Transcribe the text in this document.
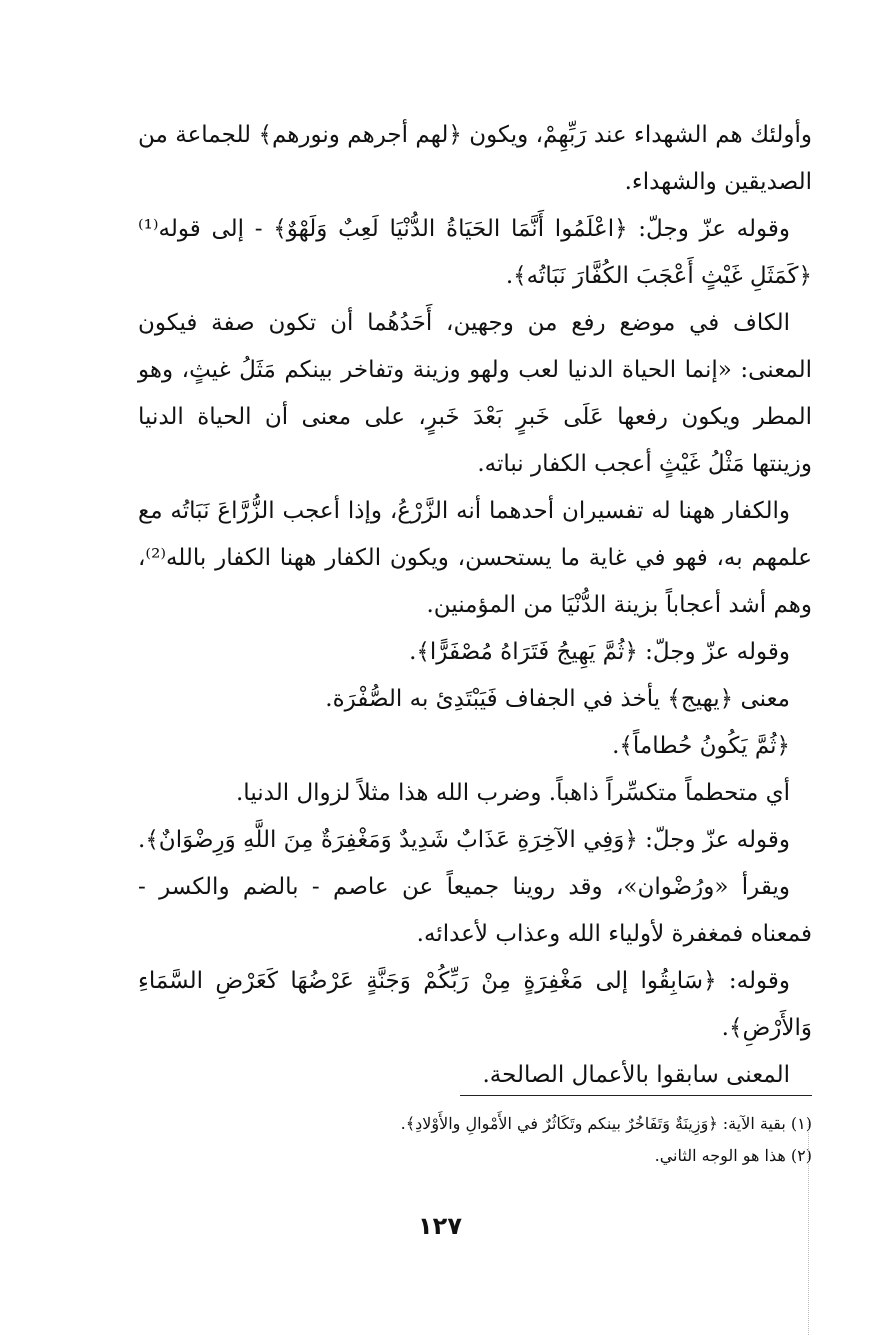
وأولئك هم الشهداء عند رَبِّهِمْ، ويكون ﴿لهم أجرهم ونورهم﴾ للجماعة من الصديقين والشهداء.

وقوله عزّ وجلّ: ﴿اعْلَمُوا أَنَّمَا الحَيَاةُ الدُّنْيَا لَعِبٌ وَلَهْوٌ﴾ - إلى قوله⁽¹⁾ ﴿كَمَثَلِ غَيْثٍ أَعْجَبَ الكُفَّارَ نَبَاتُه﴾.

الكاف في موضع رفع من وجهين، أَحَدُهُما أن تكون صفة فيكون المعنى: «إنما الحياة الدنيا لعب ولهو وزينة وتفاخر بينكم مَثَلُ غيثٍ، وهو المطر ويكون رفعها عَلَى خَبرٍ بَعْدَ خَبرٍ، على معنى أن الحياة الدنيا وزينتها مَثْلُ غَيْثٍ أعجب الكفار نباته.

والكفار ههنا له تفسيران أحدهما أنه الزَّرْعُ، وإذا أعجب الزُّرَّاعَ نَبَاتُه مع علمهم به، فهو في غاية ما يستحسن، ويكون الكفار ههنا الكفار بالله⁽²⁾، وهم أشد أعجاباً بزينة الدُّنْيَا من المؤمنين.

وقوله عزّ وجلّ: ﴿ثُمَّ يَهِيجُ فَتَرَاهُ مُصْفَرًّا﴾.

معنى ﴿يهيج﴾ يأخذ في الجفاف فَيَبْتَدِئ به الصُّفْرَة.

﴿ثُمَّ يَكُونُ حُطاماً﴾.

أي متحطماً متكسِّراً ذاهباً. وضرب الله هذا مثلاً لزوال الدنيا.

وقوله عزّ وجلّ: ﴿وَفِي الآخِرَةِ عَذَابٌ شَدِيدٌ وَمَغْفِرَةٌ مِنَ اللَّهِ وَرِضْوَانٌ﴾.

ويقرأ «ورُضْوان»، وقد روينا جميعاً عن عاصم - بالضم والكسر - فمعناه فمغفرة لأولياء الله وعذاب لأعدائه.

وقوله: ﴿سَابِقُوا إلى مَغْفِرَةٍ مِنْ رَبِّكُمْ وَجَنَّةٍ عَرْضُهَا كَعَرْضِ السَّمَاءِ وَالأَرْضِ﴾.

المعنى سابقوا بالأعمال الصالحة.

(١) بقية الآية: ﴿وَزِينَةٌ وَتَفَاخُرٌ بينكم وتَكَاثُرٌ في الأَمْوالِ والأَوْلادِ﴾.

(٢) هذا هو الوجه الثاني.

١٢٧
